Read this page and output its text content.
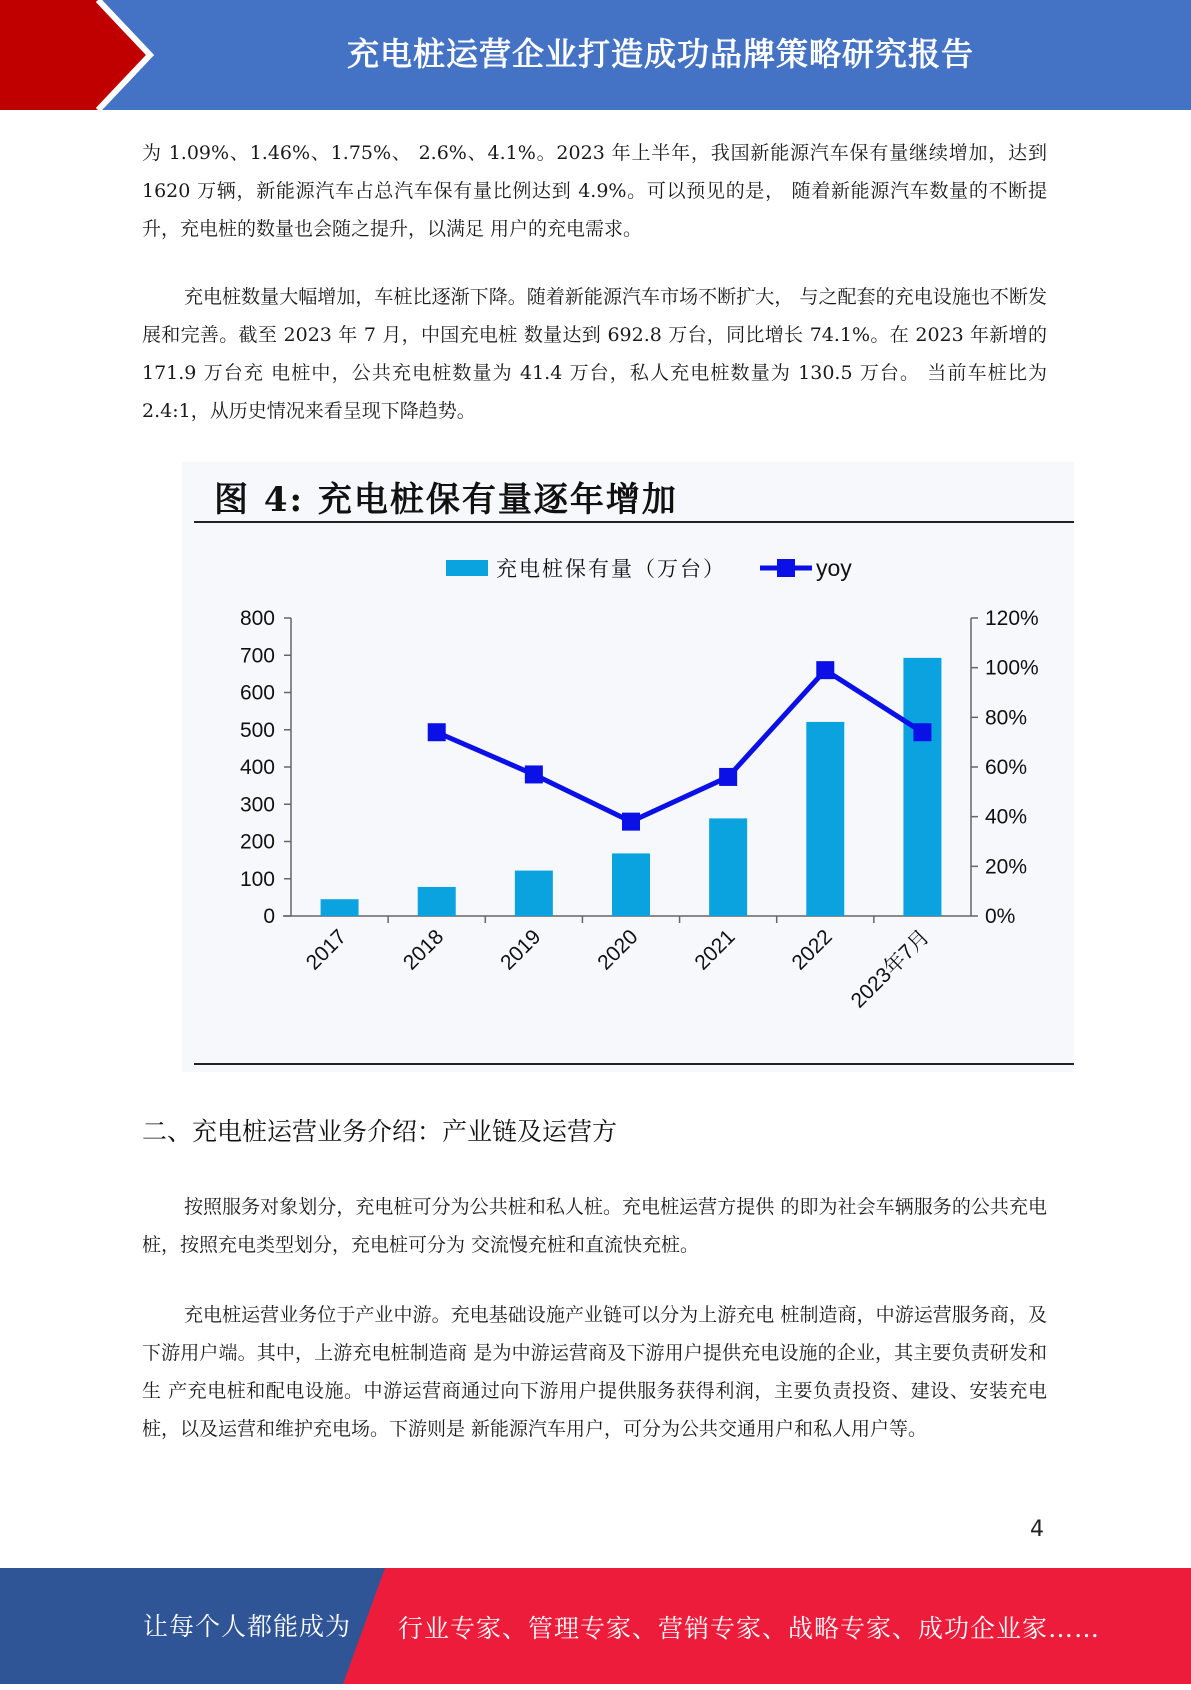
充电桩运营企业打造成功品牌策略研究报告

为 1.09%、1.46%、1.75%、 2.6%、4.1%。2023 年上半年，我国新能源汽车保有量继续增加，达到 1620 万辆，新能源汽车占总汽车保有量比例达到 4.9%。可以预见的是， 随着新能源汽车数量的不断提升，充电桩的数量也会随之提升，以满足 用户的充电需求。

充电桩数量大幅增加，车桩比逐渐下降。随着新能源汽车市场不断扩大， 与之配套的充电设施也不断发展和完善。截至 2023 年 7 月，中国充电桩 数量达到 692.8 万台，同比增长 74.1%。在 2023 年新增的 171.9 万台充 电桩中，公共充电桩数量为 41.4 万台，私人充电桩数量为 130.5 万台。 当前车桩比为 2.4:1，从历史情况来看呈现下降趋势。

图 4: 充电桩保有量逐年增加
0
100
200
300
400
500
600
700
800
0%
20%
40%
60%
80%
100%
120%
2017 2018 2019 2020 2021 2022 2023年7月
充电桩保有量（万台）	yoy
二、充电桩运营业务介绍：产业链及运营方

按照服务对象划分，充电桩可分为公共桩和私人桩。充电桩运营方提供 的即为社会车辆服务的公共充电桩，按照充电类型划分，充电桩可分为 交流慢充桩和直流快充桩。

充电桩运营业务位于产业中游。充电基础设施产业链可以分为上游充电 桩制造商，中游运营服务商，及下游用户端。其中，上游充电桩制造商 是为中游运营商及下游用户提供充电设施的企业，其主要负责研发和生 产充电桩和配电设施。中游运营商通过向下游用户提供服务获得利润，主要负责投资、建设、安装充电桩，以及运营和维护充电场。下游则是 新能源汽车用户，可分为公共交通用户和私人用户等。

4
让每个人都能成为 行业专家、管理专家、营销专家、战略专家、成功企业家……
